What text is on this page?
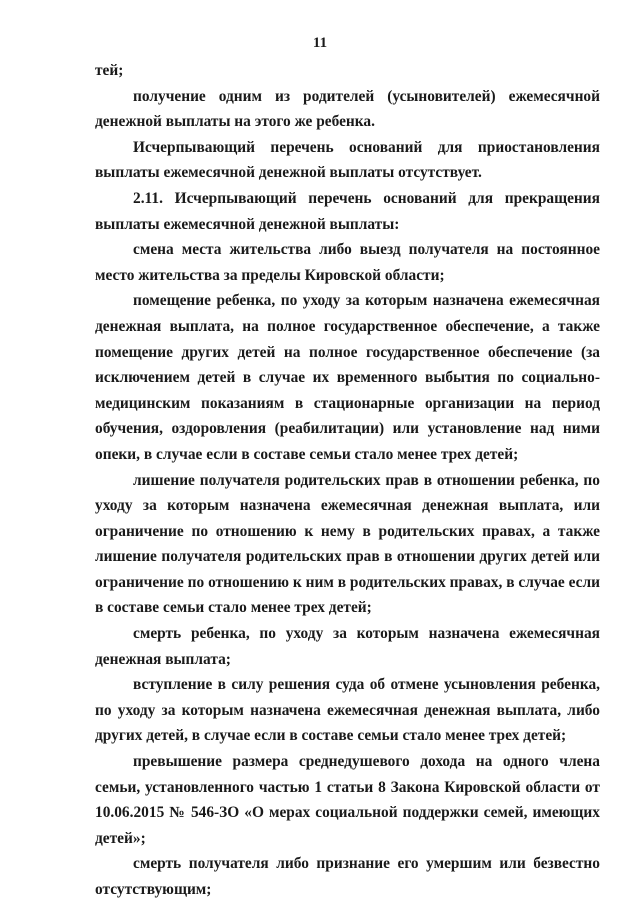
11

тей;

получение одним из родителей (усыновителей) ежемесячной денежной выплаты на этого же ребенка.

Исчерпывающий перечень оснований для приостановления выплаты ежемесячной денежной выплаты отсутствует.

2.11. Исчерпывающий перечень оснований для прекращения выплаты ежемесячной денежной выплаты:

смена места жительства либо выезд получателя на постоянное место жительства за пределы Кировской области;

помещение ребенка, по уходу за которым назначена ежемесячная денежная выплата, на полное государственное обеспечение, а также помещение других детей на полное государственное обеспечение (за исключением детей в случае их временного выбытия по социально-медицинским показаниям в стационарные организации на период обучения, оздоровления (реабилитации) или установление над ними опеки, в случае если в составе семьи стало менее трех детей;

лишение получателя родительских прав в отношении ребенка, по уходу за которым назначена ежемесячная денежная выплата, или ограничение по отношению к нему в родительских правах, а также лишение получателя родительских прав в отношении других детей или ограничение по отношению к ним в родительских правах, в случае если в составе семьи стало менее трех детей;

смерть ребенка, по уходу за которым назначена ежемесячная денежная выплата;

вступление в силу решения суда об отмене усыновления ребенка, по уходу за которым назначена ежемесячная денежная выплата, либо других детей, в случае если в составе семьи стало менее трех детей;

превышение размера среднедушевого дохода на одного члена семьи, установленного частью 1 статьи 8 Закона Кировской области от 10.06.2015 № 546-ЗО «О мерах социальной поддержки семей, имеющих детей»;

смерть получателя либо признание его умершим или безвестно отсутствующим;
